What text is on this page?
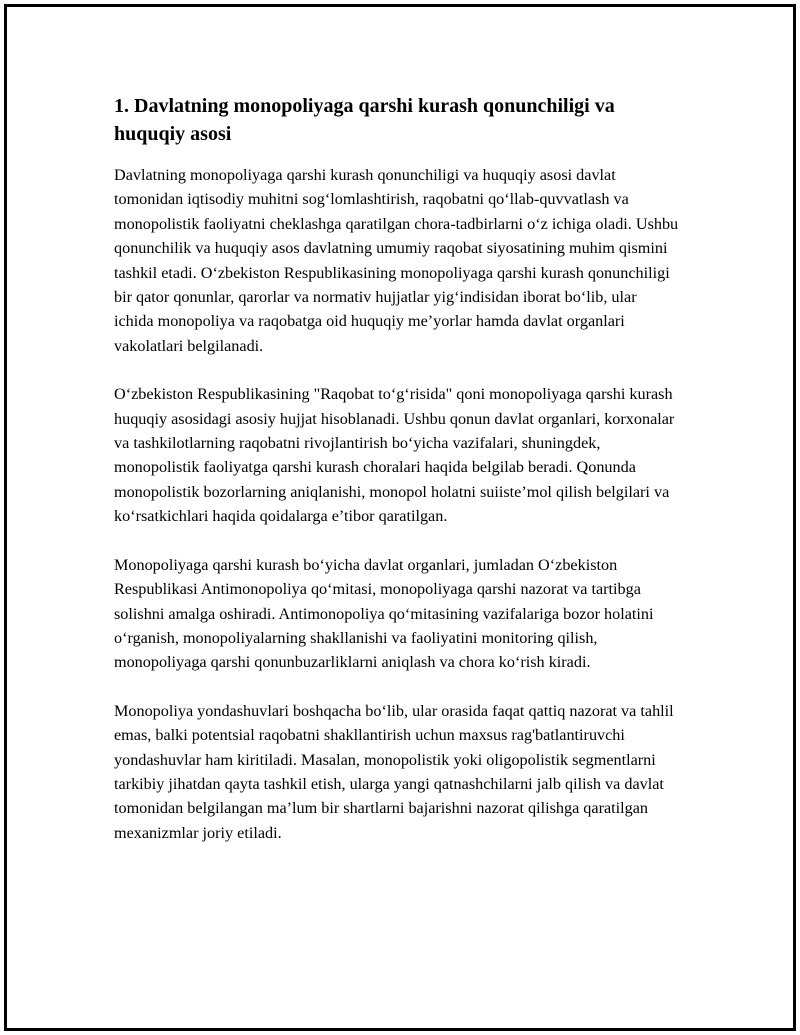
1. Davlatning monopoliyaga qarshi kurash qonunchiligi va huquqiy asosi

Davlatning monopoliyaga qarshi kurash qonunchiligi va huquqiy asosi davlat tomonidan iqtisodiy muhitni sog‘lomlashtirish, raqobatni qo‘llab-quvvatlash va monopolistik faoliyatni cheklashga qaratilgan chora-tadbirlarni o‘z ichiga oladi. Ushbu qonunchilik va huquqiy asos davlatning umumiy raqobat siyosatining muhim qismini tashkil etadi. O‘zbekiston Respublikasining monopoliyaga qarshi kurash qonunchiligi bir qator qonunlar, qarorlar va normativ hujjatlar yig‘indisidan iborat bo‘lib, ular ichida monopoliya va raqobatga oid huquqiy me’yorlar hamda davlat organlari vakolatlari belgilanadi.

O‘zbekiston Respublikasining "Raqobat to‘g‘risida" qoni monopoliyaga qarshi kurash huquqiy asosidagi asosiy hujjat hisoblanadi. Ushbu qonun davlat organlari, korxonalar va tashkilotlarning raqobatni rivojlantirish bo‘yicha vazifalari, shuningdek, monopolistik faoliyatga qarshi kurash choralari haqida belgilab beradi. Qonunda monopolistik bozorlarning aniqlanishi, monopol holatni suiiste’mol qilish belgilari va ko‘rsatkichlari haqida qoidalarga e’tibor qaratilgan.

Monopoliyaga qarshi kurash bo‘yicha davlat organlari, jumladan O‘zbekiston Respublikasi Antimonopoliya qo‘mitasi, monopoliyaga qarshi nazorat va tartibga solishni amalga oshiradi. Antimonopoliya qo‘mitasining vazifalariga bozor holatini o‘rganish, monopoliyalarning shakllanishi va faoliyatini monitoring qilish, monopoliyaga qarshi qonunbuzarliklarni aniqlash va chora ko‘rish kiradi.

Monopoliya yondashuvlari boshqacha bo‘lib, ular orasida faqat qattiq nazorat va tahlil emas, balki potentsial raqobatni shakllantirish uchun maxsus rag'batlantiruvchi yondashuvlar ham kiritiladi. Masalan, monopolistik yoki oligopolistik segmentlarni tarkibiy jihatdan qayta tashkil etish, ularga yangi qatnashchilarni jalb qilish va davlat tomonidan belgilangan ma’lum bir shartlarni bajarishni nazorat qilishga qaratilgan mexanizmlar joriy etiladi.
